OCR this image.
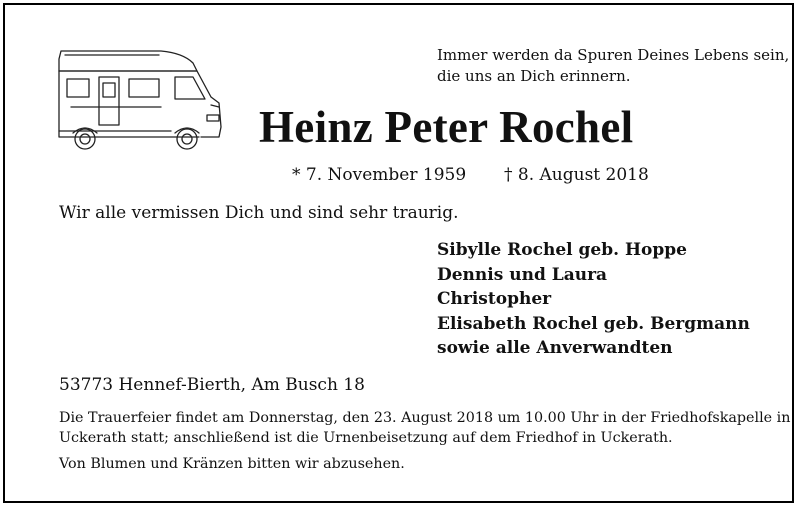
Immer werden da Spuren Deines Lebens sein,
die uns an Dich erinnern.
Heinz Peter Rochel
* 7. November 1959 † 8. August 2018
Wir alle vermissen Dich und sind sehr traurig.
Sibylle Rochel geb. Hoppe
Dennis und Laura
Christopher
Elisabeth Rochel geb. Bergmann
sowie alle Anverwandten
53773 Hennef-Bierth, Am Busch 18
Die Trauerfeier findet am Donnerstag, den 23. August 2018 um 10.00 Uhr in der Friedhofskapelle in
Uckerath statt; anschließend ist die Urnenbeisetzung auf dem Friedhof in Uckerath.
Von Blumen und Kränzen bitten wir abzusehen.
